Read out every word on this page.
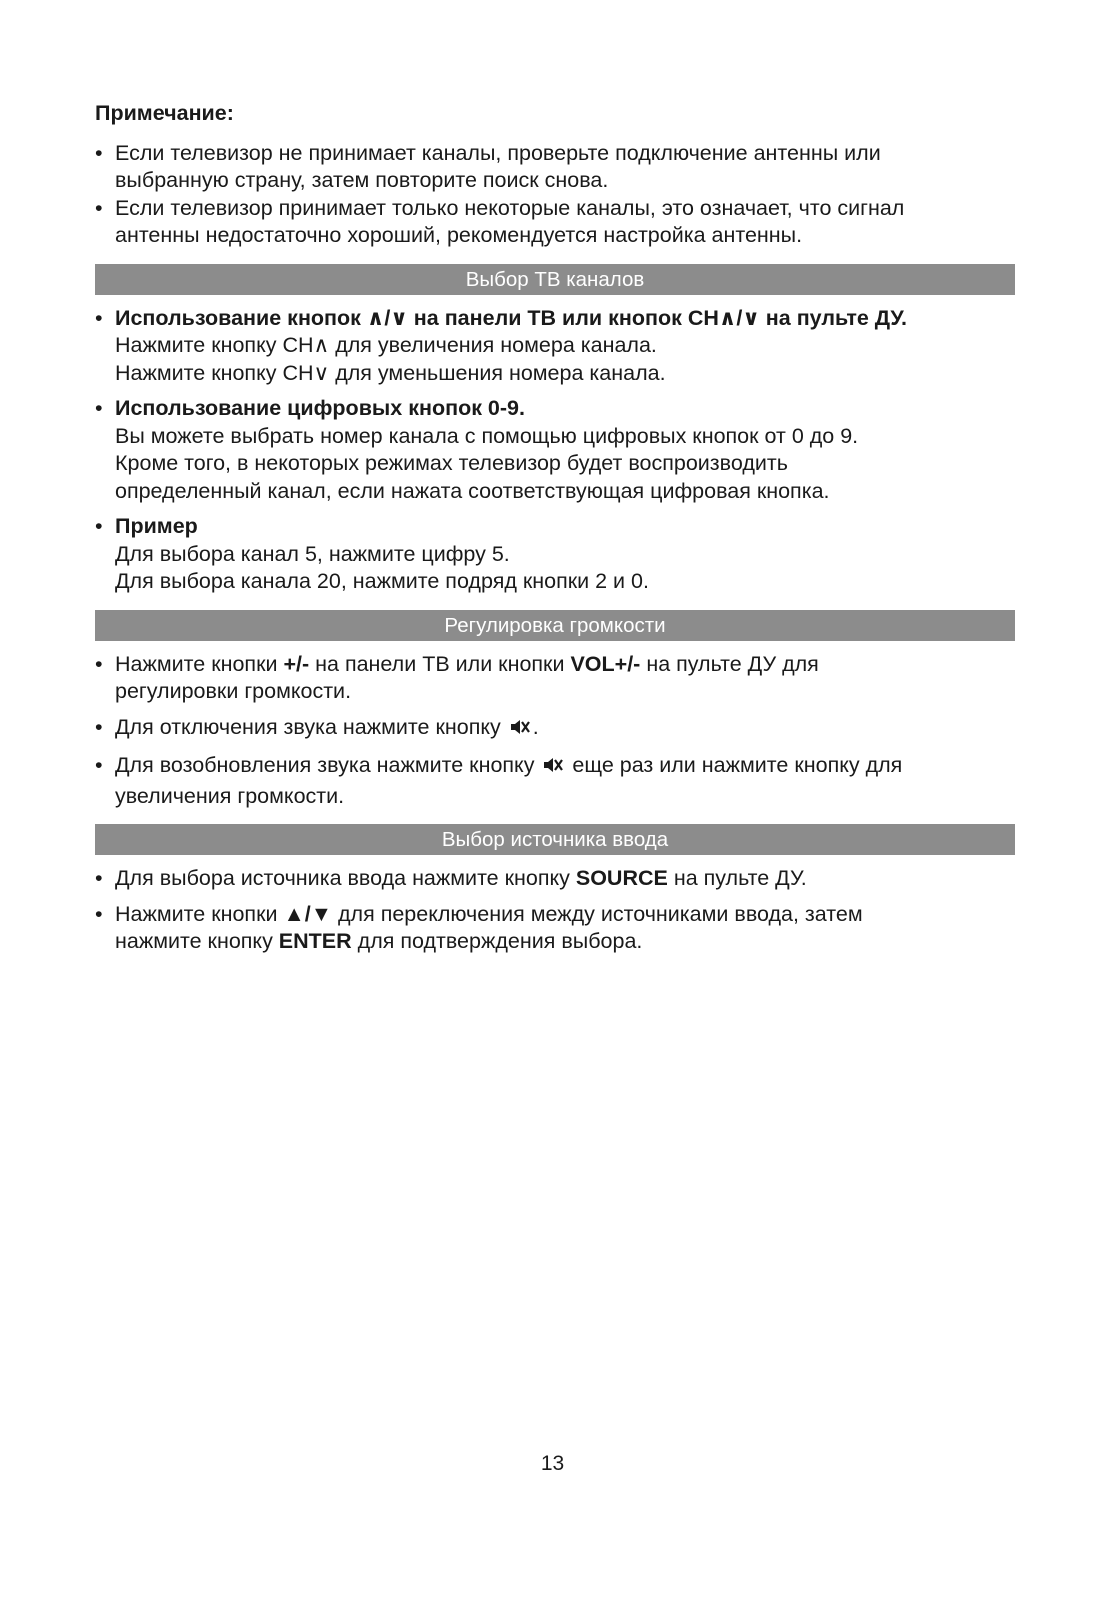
Примечание:
• Если телевизор не принимает каналы, проверьте подключение антенны или
выбранную страну, затем повторите поиск снова.
• Если телевизор принимает только некоторые каналы, это означает, что сигнал
антенны недостаточно хороший, рекомендуется настройка антенны.
Выбор ТВ каналов
• Использование кнопок ∧/∨ на панели ТВ или кнопок CH∧/∨ на пульте ДУ.
Нажмите кнопку CH∧ для увеличения номера канала.
Нажмите кнопку CH∨ для уменьшения номера канала.
• Использование цифровых кнопок 0-9.
Вы можете выбрать номер канала с помощью цифровых кнопок от 0 до 9.
Кроме того, в некоторых режимах телевизор будет воспроизводить
определенный канал, если нажата соответствующая цифровая кнопка.
• Пример
Для выбора канал 5, нажмите цифру 5.
Для выбора канала 20, нажмите подряд кнопки 2 и 0.
Регулировка громкости
• Нажмите кнопки +/- на панели ТВ или кнопки VOL+/- на пульте ДУ для
регулировки громкости.
• Для отключения звука нажмите кнопку .
• Для возобновления звука нажмите кнопку  еще раз или нажмите кнопку для
увеличения громкости.
Выбор источника ввода
• Для выбора источника ввода нажмите кнопку SOURCE на пульте ДУ.
• Нажмите кнопки ▲/▼ для переключения между источниками ввода, затем
нажмите кнопку ENTER для подтверждения выбора.
13
